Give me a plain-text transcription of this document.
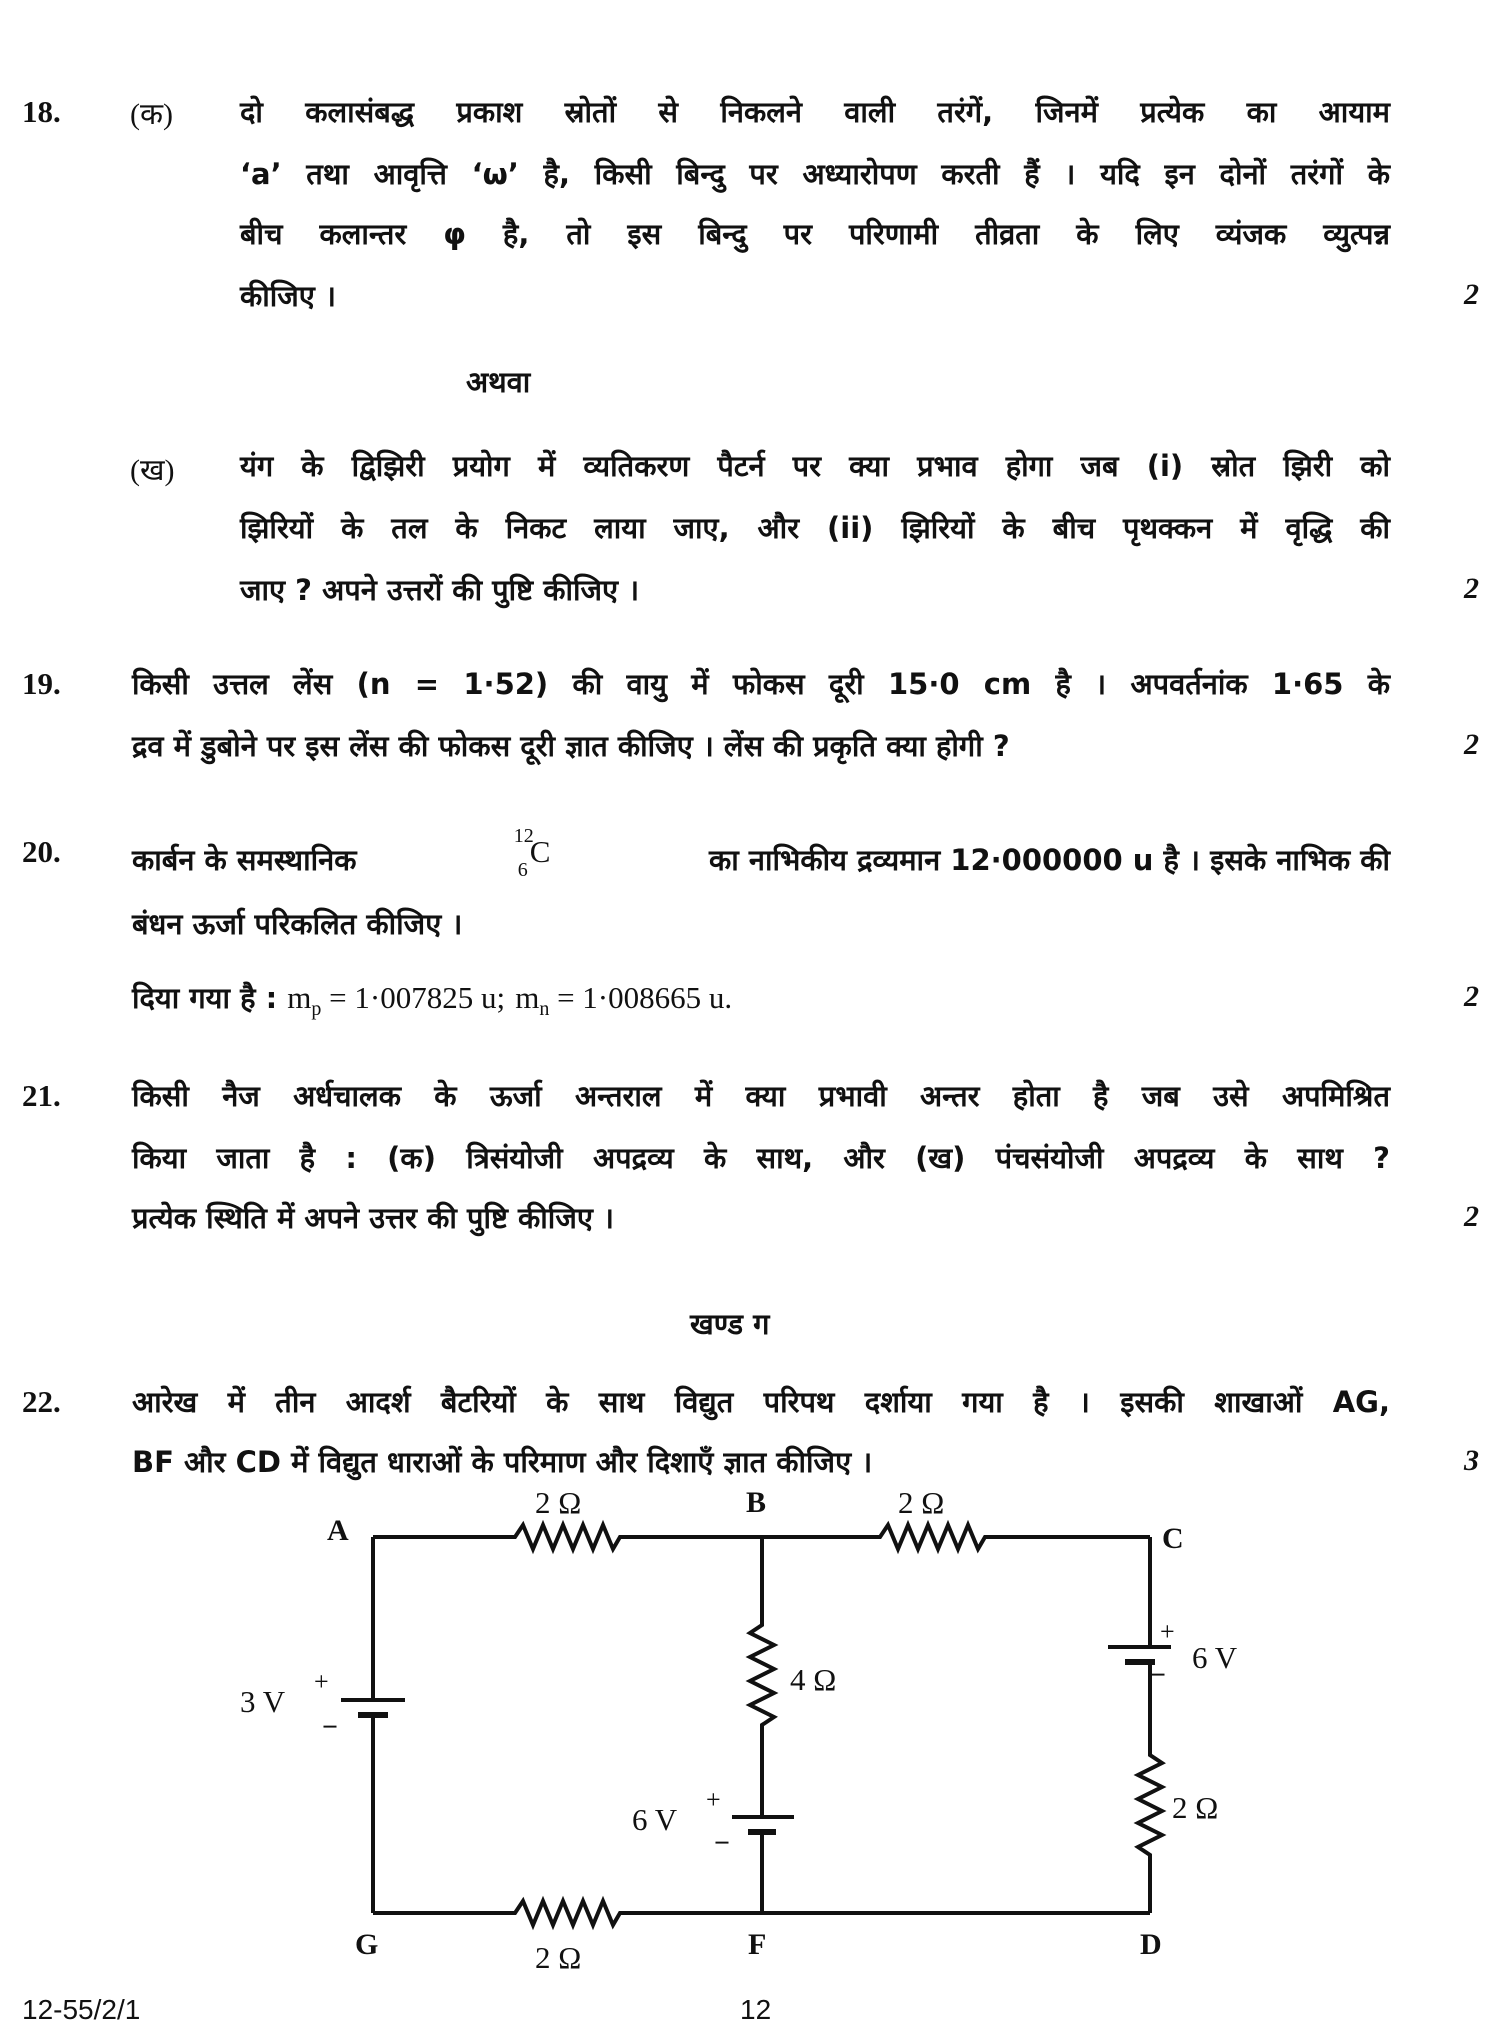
18. (क) दो कलासंबद्ध प्रकाश स्रोतों से निकलने वाली तरंगें, जिनमें प्रत्येक का आयाम
‘a’ तथा आवृत्ति ‘ω’ है, किसी बिन्दु पर अध्यारोपण करती हैं । यदि इन दोनों तरंगों के
बीच कलान्तर φ है, तो इस बिन्दु पर परिणामी तीव्रता के लिए व्यंजक व्युत्पन्न
कीजिए ।	2
अथवा
(ख) यंग के द्विझिरी प्रयोग में व्यतिकरण पैटर्न पर क्या प्रभाव होगा जब (i) स्रोत झिरी को
झिरियों के तल के निकट लाया जाए, और (ii) झिरियों के बीच पृथक्कन में वृद्धि की
जाए ? अपने उत्तरों की पुष्टि कीजिए ।	2
19. किसी उत्तल लेंस (n = 1·52) की वायु में फोकस दूरी 15·0 cm है । अपवर्तनांक 1·65 के
द्रव में डुबोने पर इस लेंस की फोकस दूरी ज्ञात कीजिए । लेंस की प्रकृति क्या होगी ?	2
20. कार्बन के समस्थानिक
12
6
C	का नाभिकीय द्रव्यमान 12·000000 u है । इसके नाभिक की
बंधन ऊर्जा परिकलित कीजिए ।
दिया गया है : $m_p = 1\cdot 007825$ u; $m_n = 1\cdot 008665$ u.	2
21. किसी नैज अर्धचालक के ऊर्जा अन्तराल में क्या प्रभावी अन्तर होता है जब उसे अपमिश्रित
किया जाता है : (क) त्रिसंयोजी अपद्रव्य के साथ, और (ख) पंचसंयोजी अपद्रव्य के साथ ?
प्रत्येक स्थिति में अपने उत्तर की पुष्टि कीजिए ।	2
खण्ड ग
22. आरेख में तीन आदर्श बैटरियों के साथ विद्युत परिपथ दर्शाया गया है । इसकी शाखाओं AG,
BF और CD में विद्युत धाराओं के परिमाण और दिशाएँ ज्ञात कीजिए ।	3
A
B
C
G	F	D
2 Ω	2 Ω
4 Ω
2 Ω
2 Ω
3 V
6 V
6 V
+
−
+
−
+
−
12-55/2/1	12
